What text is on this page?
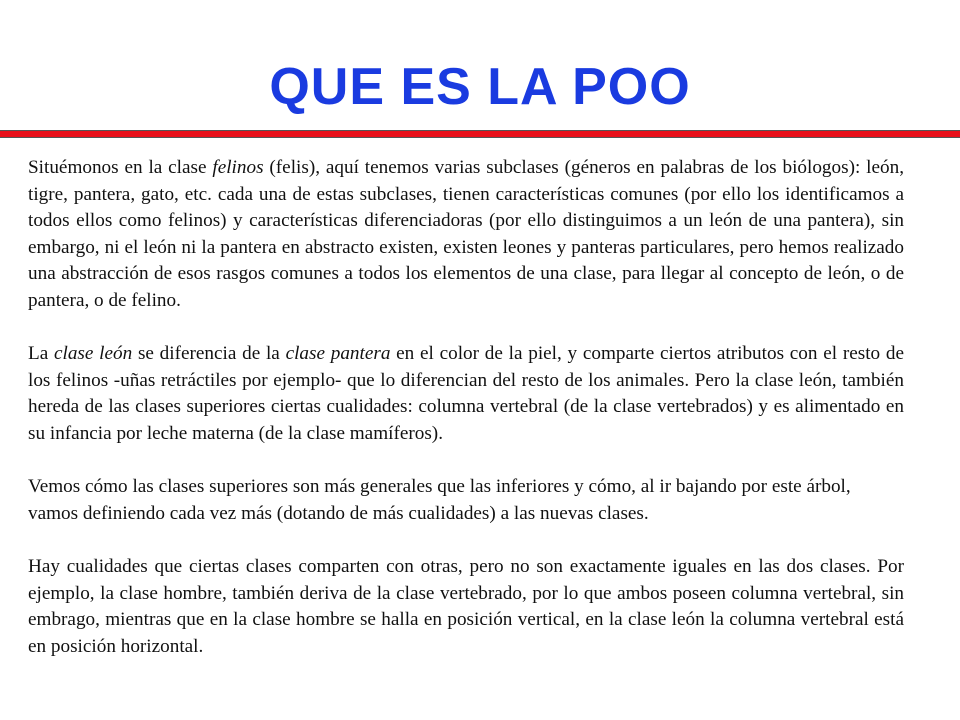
QUE ES LA POO

Situémonos en la clase felinos (felis), aquí tenemos varias subclases (géneros en palabras de los biólogos): león, tigre, pantera, gato, etc. cada una de estas subclases, tienen características comunes (por ello los identificamos a todos ellos como felinos) y características diferenciadoras (por ello distinguimos a un león de una pantera), sin embargo, ni el león ni la pantera en abstracto existen, existen leones y panteras particulares, pero hemos realizado una abstracción de esos rasgos comunes a todos los elementos de una clase, para llegar al concepto de león, o de pantera, o de felino.

La clase león se diferencia de la clase pantera en el color de la piel, y comparte ciertos atributos con el resto de los felinos -uñas retráctiles por ejemplo- que lo diferencian del resto de los animales. Pero la clase león, también hereda de las clases superiores ciertas cualidades: columna vertebral (de la clase vertebrados) y es alimentado en su infancia por leche materna (de la clase mamíferos).

Vemos cómo las clases superiores son más generales que las inferiores y cómo, al ir bajando por este árbol, vamos definiendo cada vez más (dotando de más cualidades) a las nuevas clases.

Hay cualidades que ciertas clases comparten con otras, pero no son exactamente iguales en las dos clases. Por ejemplo, la clase hombre, también deriva de la clase vertebrado, por lo que ambos poseen columna vertebral, sin embrago, mientras que en la clase hombre se halla en posición vertical, en la clase león la columna vertebral está en posición horizontal.
